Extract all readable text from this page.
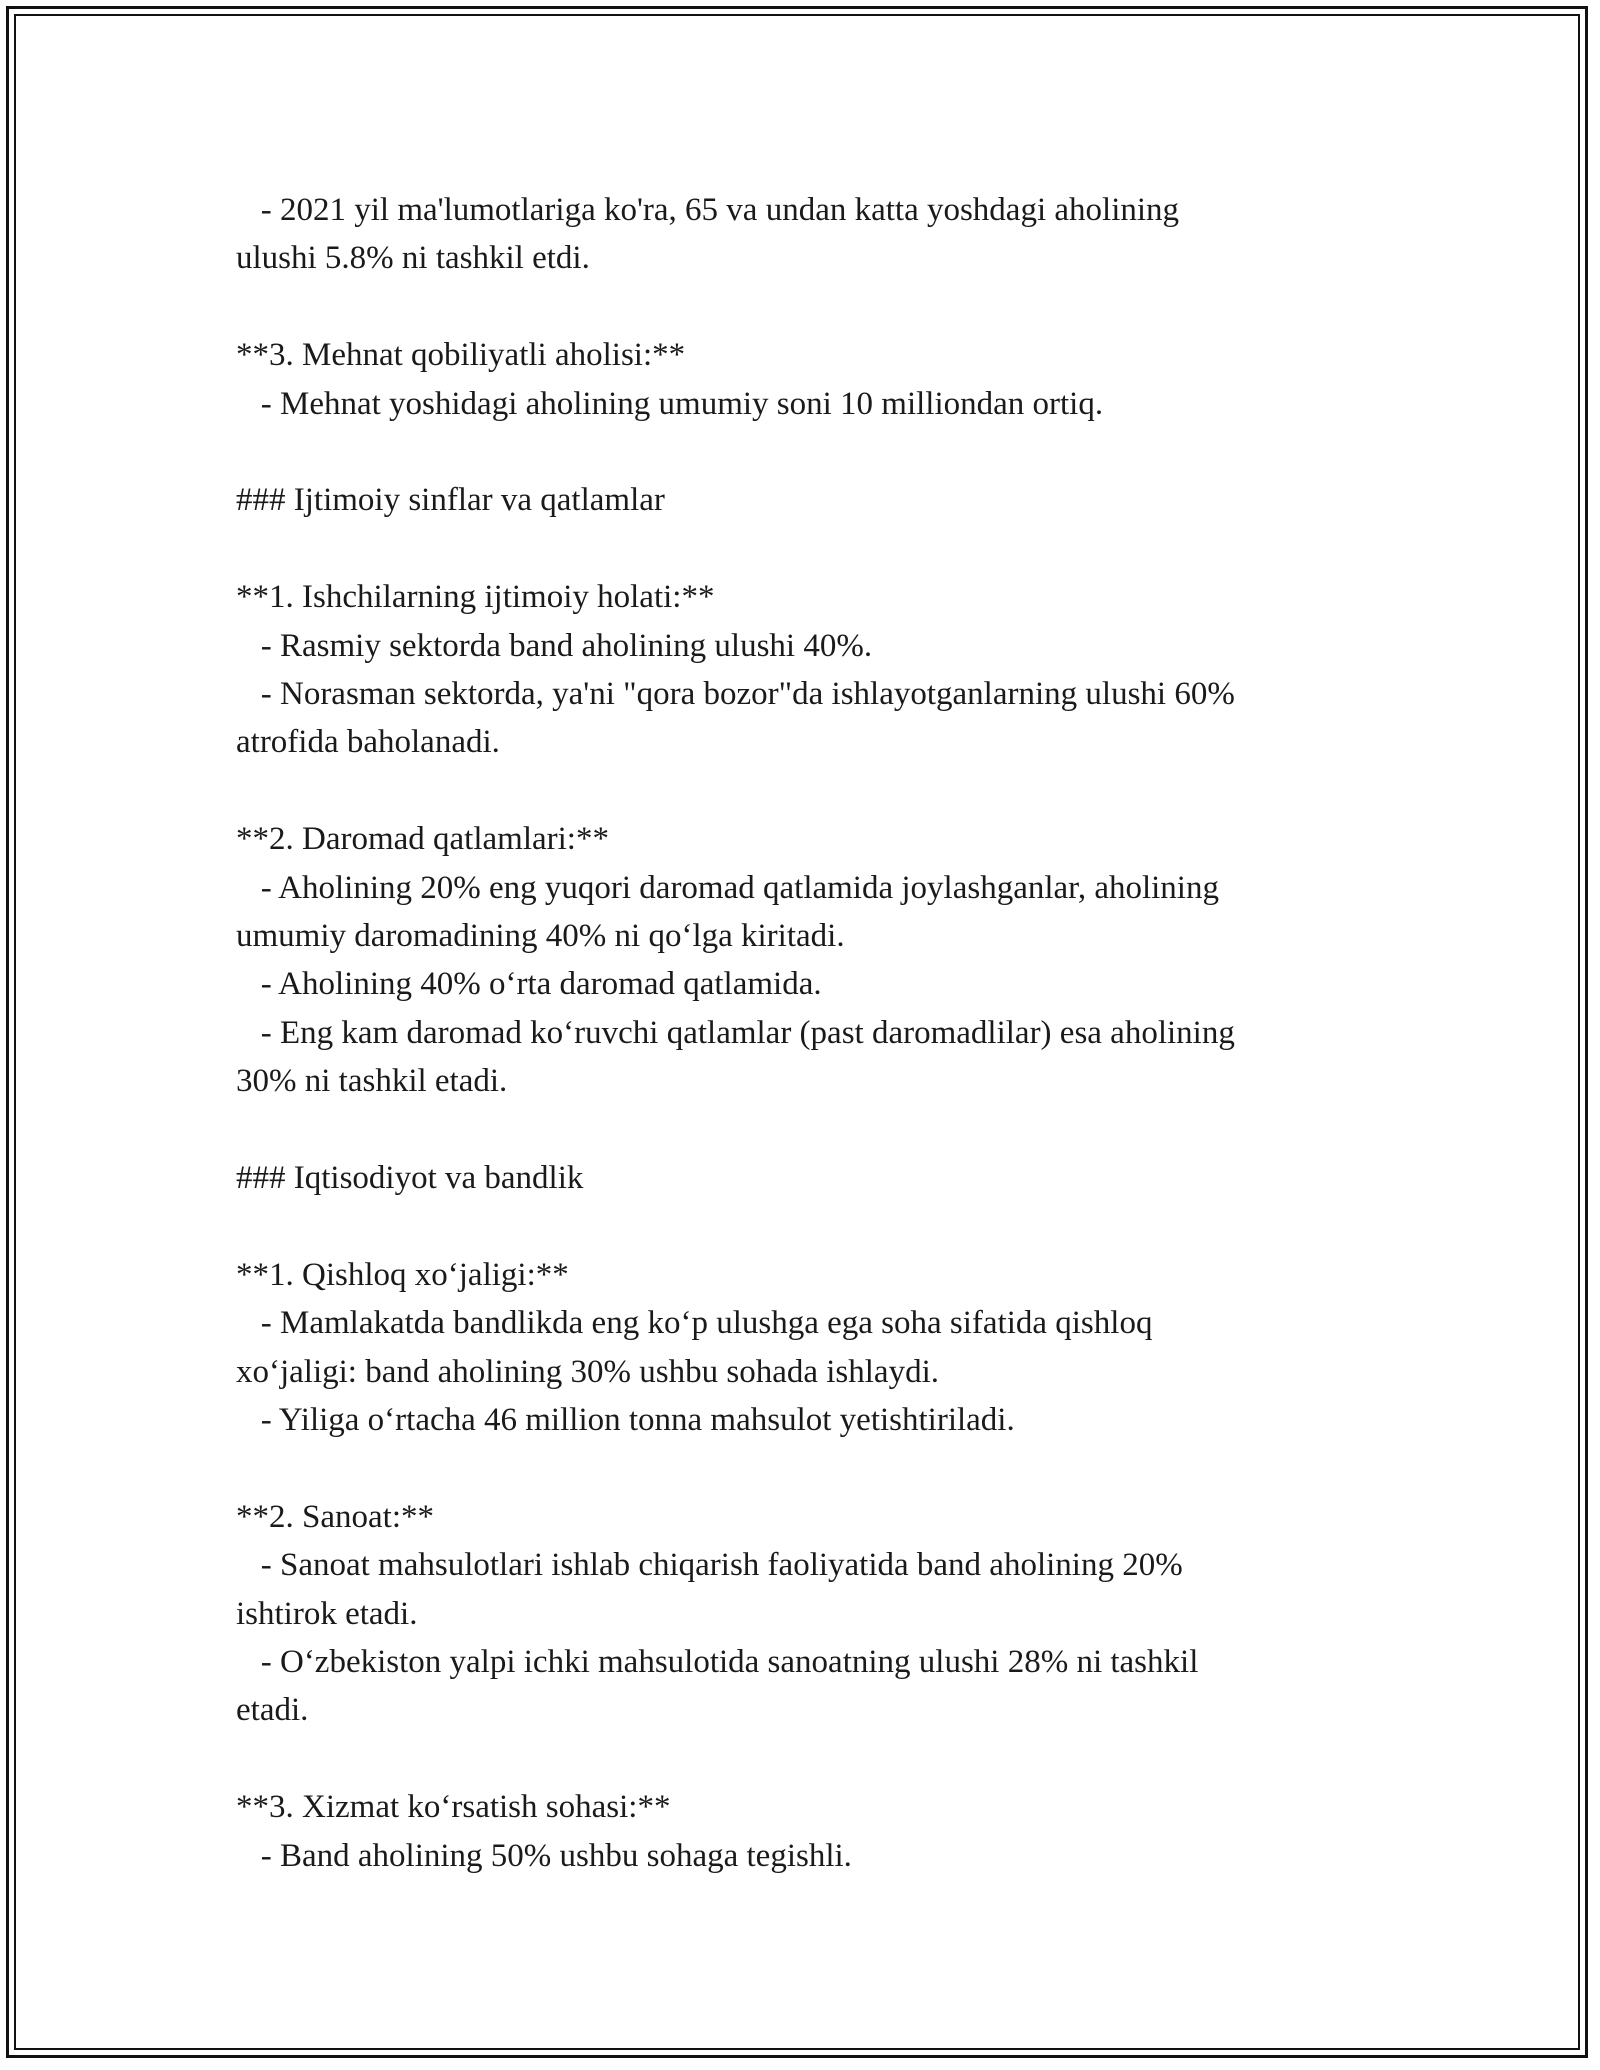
- 2021 yil ma'lumotlariga ko'ra, 65 va undan katta yoshdagi aholining

ulushi 5.8% ni tashkil etdi.

**3. Mehnat qobiliyatli aholisi:**

- Mehnat yoshidagi aholining umumiy soni 10 milliondan ortiq.

### Ijtimoiy sinflar va qatlamlar

**1. Ishchilarning ijtimoiy holati:**

- Rasmiy sektorda band aholining ulushi 40%.

- Norasman sektorda, ya'ni "qora bozor"da ishlayotganlarning ulushi 60%

atrofida baholanadi.

**2. Daromad qatlamlari:**

- Aholining 20% eng yuqori daromad qatlamida joylashganlar, aholining

umumiy daromadining 40% ni qo‘lga kiritadi.

- Aholining 40% o‘rta daromad qatlamida.

- Eng kam daromad ko‘ruvchi qatlamlar (past daromadlilar) esa aholining

30% ni tashkil etadi.

### Iqtisodiyot va bandlik

**1. Qishloq xo‘jaligi:**

- Mamlakatda bandlikda eng ko‘p ulushga ega soha sifatida qishloq

xo‘jaligi: band aholining 30% ushbu sohada ishlaydi.

- Yiliga o‘rtacha 46 million tonna mahsulot yetishtiriladi.

**2. Sanoat:**

- Sanoat mahsulotlari ishlab chiqarish faoliyatida band aholining 20%

ishtirok etadi.

- O‘zbekiston yalpi ichki mahsulotida sanoatning ulushi 28% ni tashkil

etadi.

**3. Xizmat ko‘rsatish sohasi:**

- Band aholining 50% ushbu sohaga tegishli.
